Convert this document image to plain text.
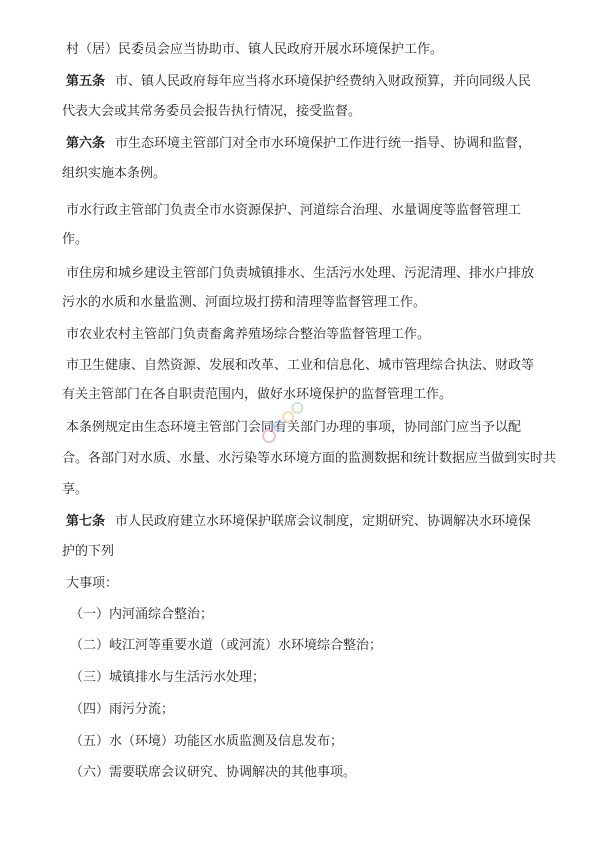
村（居）民委员会应当协助市、镇人民政府开展水环境保护工作。
第五条 市、镇人民政府每年应当将水环境保护经费纳入财政预算，并向同级人民
代表大会或其常务委员会报告执行情况，接受监督。
第六条 市生态环境主管部门对全市水环境保护工作进行统一指导、协调和监督，
组织实施本条例。
市水行政主管部门负责全市水资源保护、河道综合治理、水量调度等监督管理工
作。
市住房和城乡建设主管部门负责城镇排水、生活污水处理、污泥清理、排水户排放
污水的水质和水量监测、河面垃圾打捞和清理等监督管理工作。
市农业农村主管部门负责畜禽养殖场综合整治等监督管理工作。
市卫生健康、自然资源、发展和改革、工业和信息化、城市管理综合执法、财政等
有关主管部门在各自职责范围内，做好水环境保护的监督管理工作。
本条例规定由生态环境主管部门会同有关部门办理的事项，协同部门应当予以配
合。各部门对水质、水量、水污染等水环境方面的监测数据和统计数据应当做到实时共
享。
第七条 市人民政府建立水环境保护联席会议制度，定期研究、协调解决水环境保
护的下列
大事项：
（一）内河涌综合整治；
（二）岐江河等重要水道（或河流）水环境综合整治；
（三）城镇排水与生活污水处理；
（四）雨污分流；
（五）水（环境）功能区水质监测及信息发布；
（六）需要联席会议研究、协调解决的其他事项。
